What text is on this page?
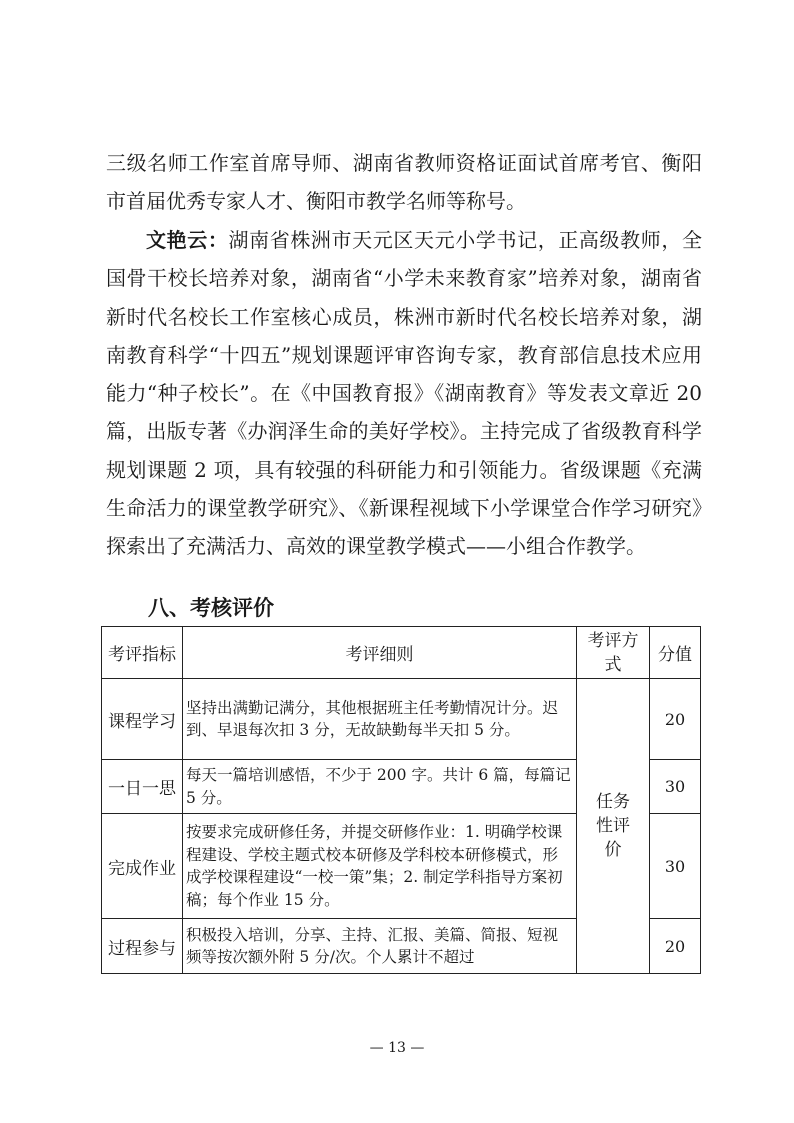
三级名师工作室首席导师、湖南省教师资格证面试首席考官、衡阳市首届优秀专家人才、衡阳市教学名师等称号。

文艳云：湖南省株洲市天元区天元小学书记，正高级教师，全国骨干校长培养对象，湖南省“小学未来教育家”培养对象，湖南省新时代名校长工作室核心成员，株洲市新时代名校长培养对象，湖南教育科学“十四五”规划课题评审咨询专家，教育部信息技术应用能力“种子校长”。在《中国教育报》《湖南教育》等发表文章近 20 篇，出版专著《办润泽生命的美好学校》。主持完成了省级教育科学规划课题 2 项，具有较强的科研能力和引领能力。省级课题《充满生命活力的课堂教学研究》、《新课程视域下小学课堂合作学习研究》探索出了充满活力、高效的课堂教学模式——小组合作教学。

八、考核评价
考评指标	考评细则	考评方式	分值
课程学习	坚持出满勤记满分，其他根据班主任考勤情况计分。迟到、早退每次扣 3 分，无故缺勤每半天扣 5 分。	任务性评价	20
一日一思	每天一篇培训感悟，不少于 200 字。共计 6 篇，每篇记 5 分。		30
完成作业	按要求完成研修任务，并提交研修作业：1. 明确学校课程建设、学校主题式校本研修及学科校本研修模式，形成学校课程建设“一校一策”集；2. 制定学科指导方案初稿；每个作业 15 分。		30
过程参与	积极投入培训，分享、主持、汇报、美篇、简报、短视频等按次额外附 5 分/次。个人累计不超过		20
— 13 —
